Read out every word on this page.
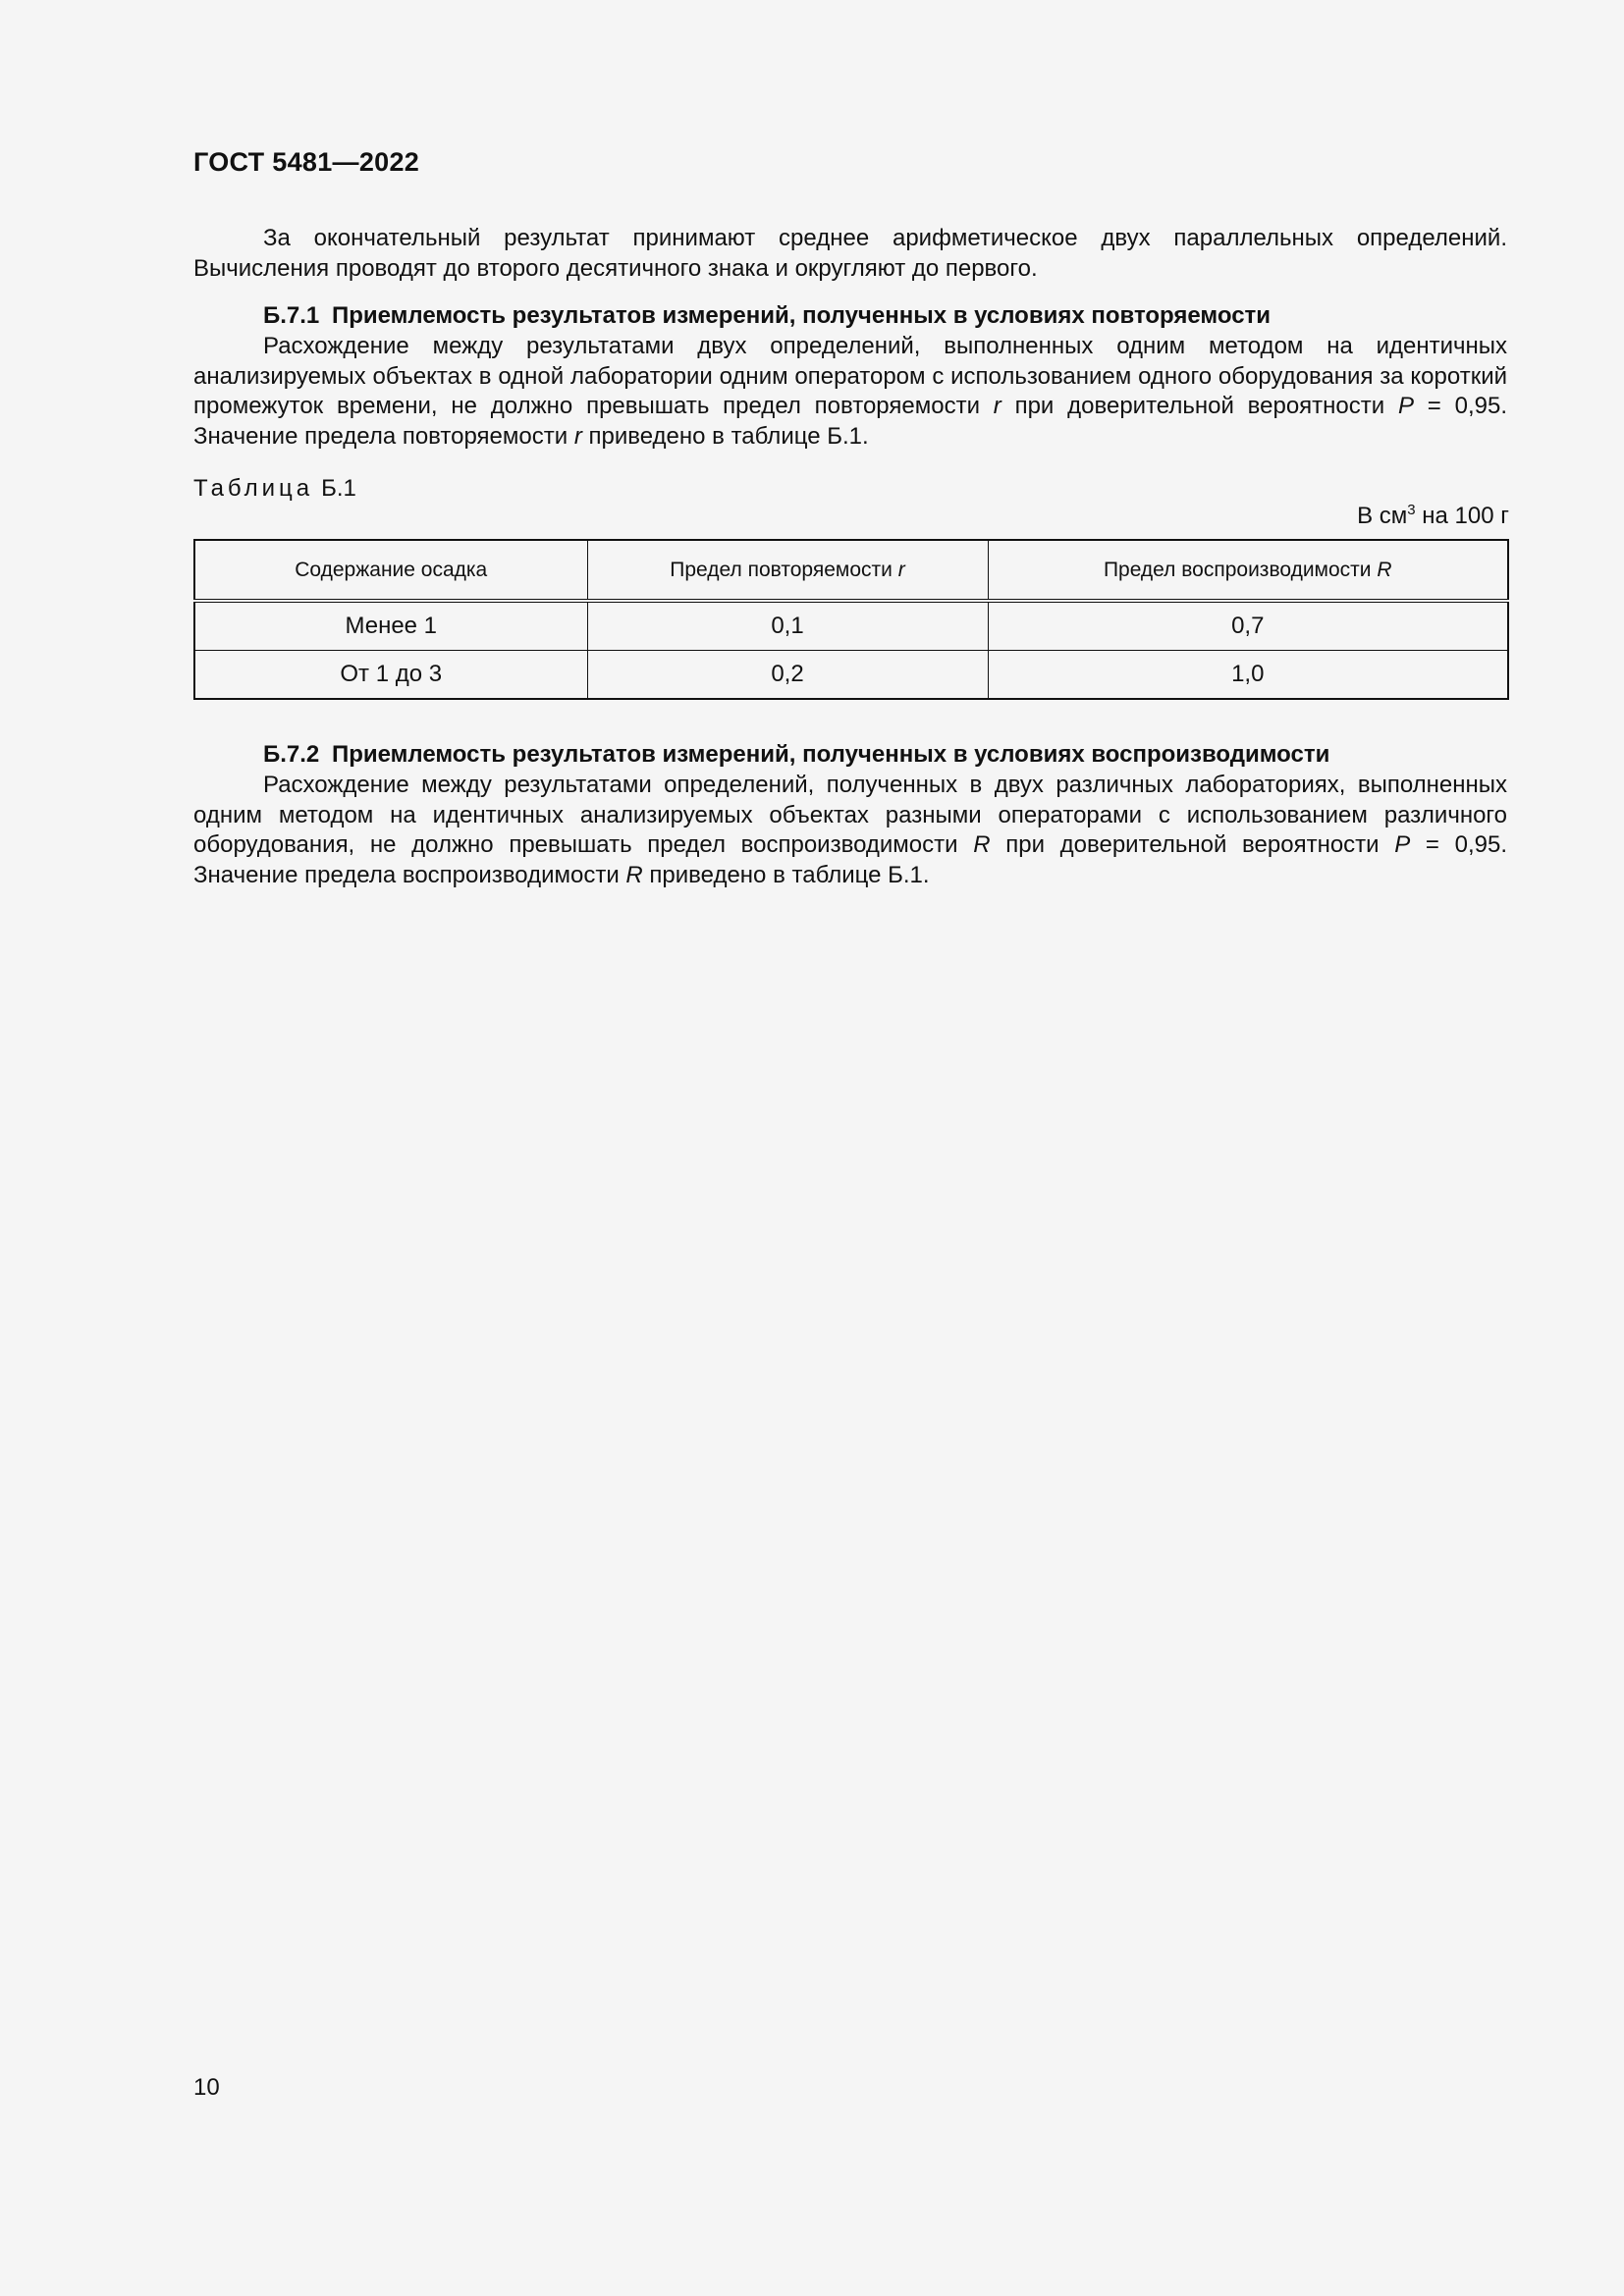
ГОСТ 5481—2022

За окончательный результат принимают среднее арифметическое двух параллельных определений. Вычисления проводят до второго десятичного знака и округляют до первого.

Б.7.1 Приемлемость результатов измерений, полученных в условиях повторяемости

Расхождение между результатами двух определений, выполненных одним методом на идентичных анализируемых объектах в одной лаборатории одним оператором с использованием одного оборудования за короткий промежуток времени, не должно превышать предел повторяемости r при доверительной вероятности P = 0,95. Значение предела повторяемости r приведено в таблице Б.1.

Таблица Б.1
В $см^3$ на 100 г
Содержание осадка	Предел повторяемости r	Предел воспроизводимости R
Менее 1	0,1	0,7
От 1 до 3	0,2	1,0

Б.7.2 Приемлемость результатов измерений, полученных в условиях воспроизводимости

Расхождение между результатами определений, полученных в двух различных лабораториях, выполненных одним методом на идентичных анализируемых объектах разными операторами с использованием различного оборудования, не должно превышать предел воспроизводимости R при доверительной вероятности P = 0,95. Значение предела воспроизводимости R приведено в таблице Б.1.

10
